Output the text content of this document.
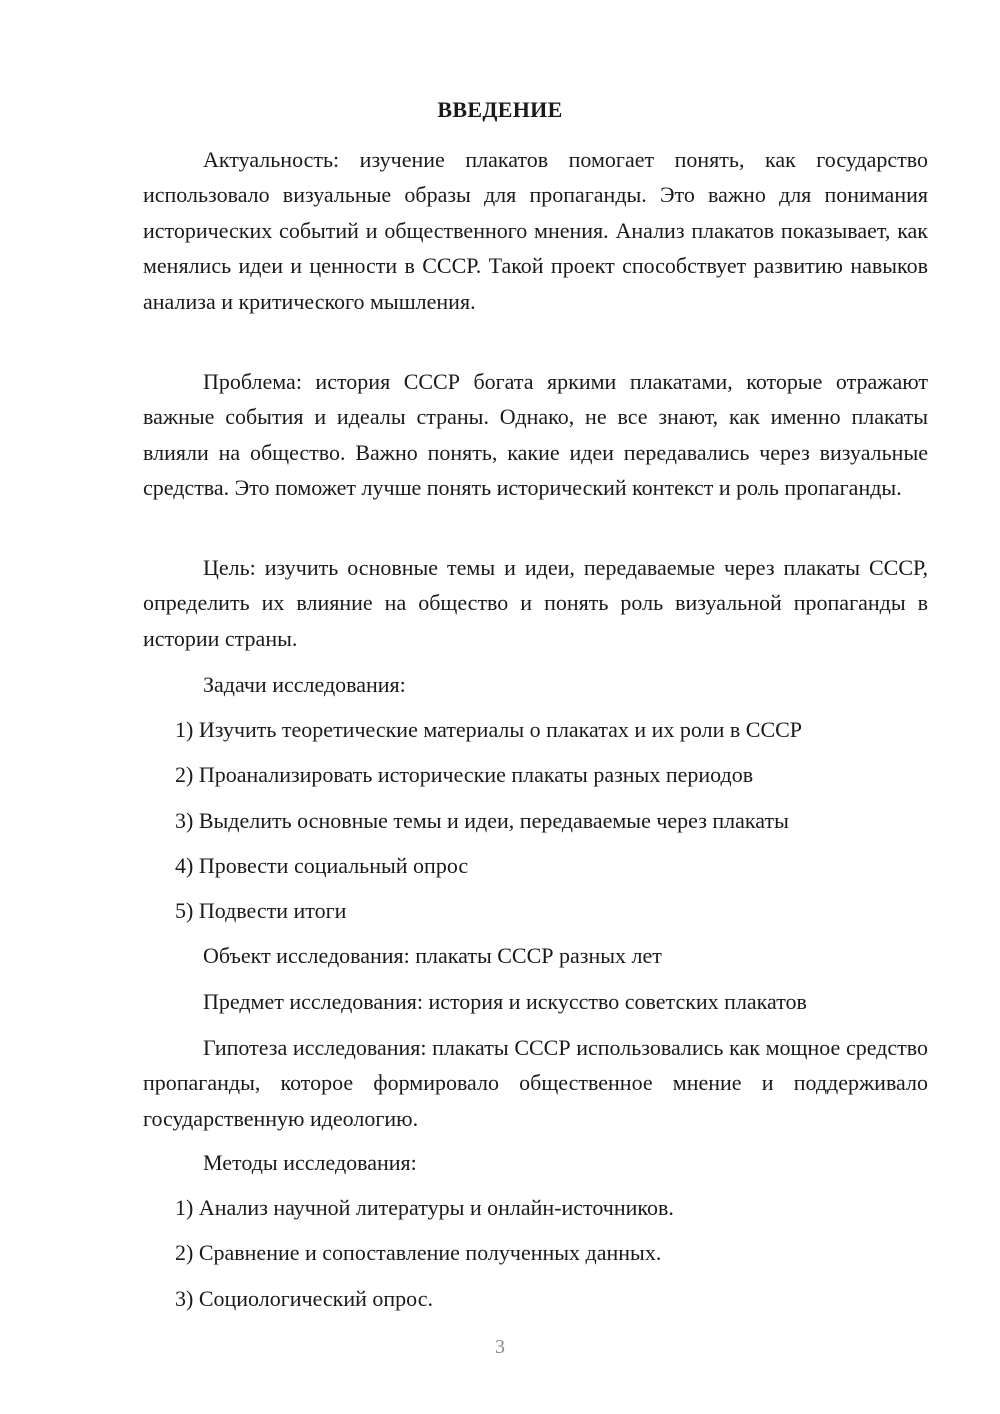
ВВЕДЕНИЕ

Актуальность: изучение плакатов помогает понять, как государство использовало визуальные образы для пропаганды. Это важно для понимания исторических событий и общественного мнения. Анализ плакатов показывает, как менялись идеи и ценности в СССР. Такой проект способствует развитию навыков анализа и критического мышления.

Проблема: история СССР богата яркими плакатами, которые отражают важные события и идеалы страны. Однако, не все знают, как именно плакаты влияли на общество. Важно понять, какие идеи передавались через визуальные средства. Это поможет лучше понять исторический контекст и роль пропаганды.

Цель: изучить основные темы и идеи, передаваемые через плакаты СССР, определить их влияние на общество и понять роль визуальной пропаганды в истории страны.

Задачи исследования:
1) Изучить теоретические материалы о плакатах и их роли в СССР
2) Проанализировать исторические плакаты разных периодов
3) Выделить основные темы и идеи, передаваемые через плакаты
4) Провести социальный опрос
5) Подвести итоги
Объект исследования: плакаты СССР разных лет
Предмет исследования: история и искусство советских плакатов

Гипотеза исследования: плакаты СССР использовались как мощное средство пропаганды, которое формировало общественное мнение и поддерживало государственную идеологию.

Методы исследования:
1) Анализ научной литературы и онлайн-источников.
2) Сравнение и сопоставление полученных данных.
3) Социологический опрос.
3
